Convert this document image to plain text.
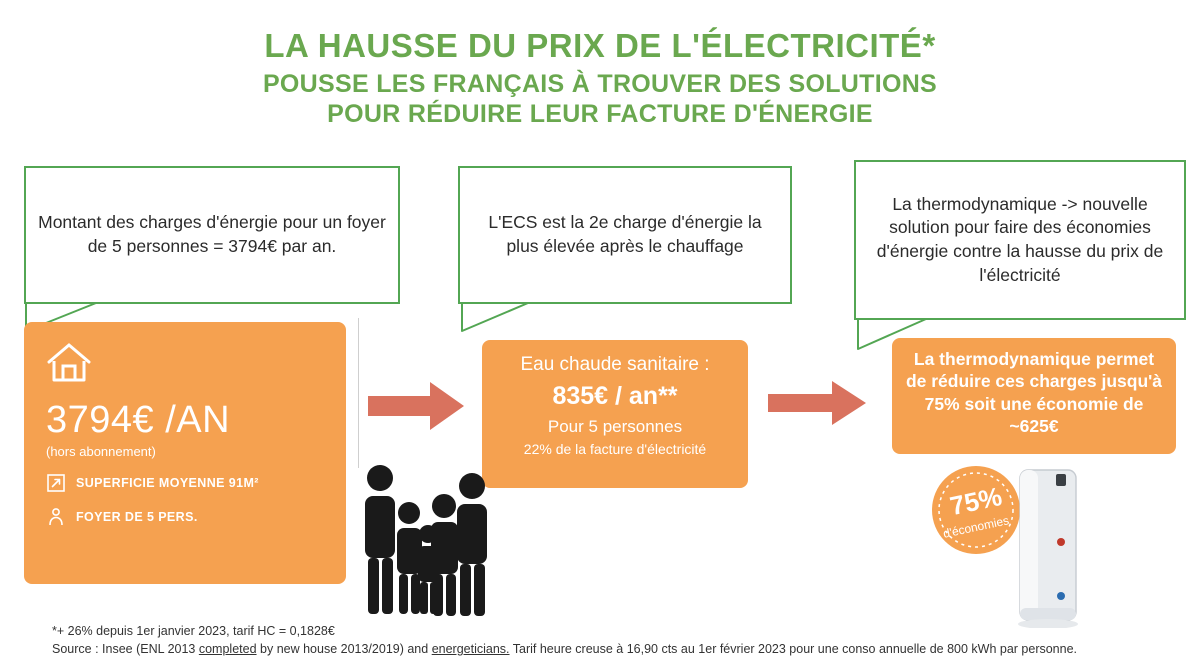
LA HAUSSE DU PRIX DE L'ÉLECTRICITÉ*
POUSSE LES FRANÇAIS À TROUVER DES SOLUTIONS
POUR RÉDUIRE LEUR FACTURE D'ÉNERGIE
Montant des charges d'énergie pour un foyer de 5 personnes = 3794€ par an.
L'ECS est la 2e charge d'énergie la plus élevée après le chauffage
La thermodynamique -> nouvelle solution pour faire des économies d'énergie contre la hausse du prix de l'électricité
3794€ /AN
(hors abonnement)
SUPERFICIE MOYENNE 91M²
FOYER DE 5 PERS.
Eau chaude sanitaire :
835€ / an**
Pour 5 personnes
22% de la facture d'électricité
La thermodynamique permet de réduire ces charges jusqu'à 75% soit une économie de ~625€
75%
d'économies
*+ 26% depuis 1er janvier 2023, tarif HC = 0,1828€
Source : Insee (ENL 2013 completed by new house 2013/2019) and energeticians. Tarif heure creuse à 16,90 cts au 1er février 2023 pour une conso annuelle de 800 kWh par personne.
